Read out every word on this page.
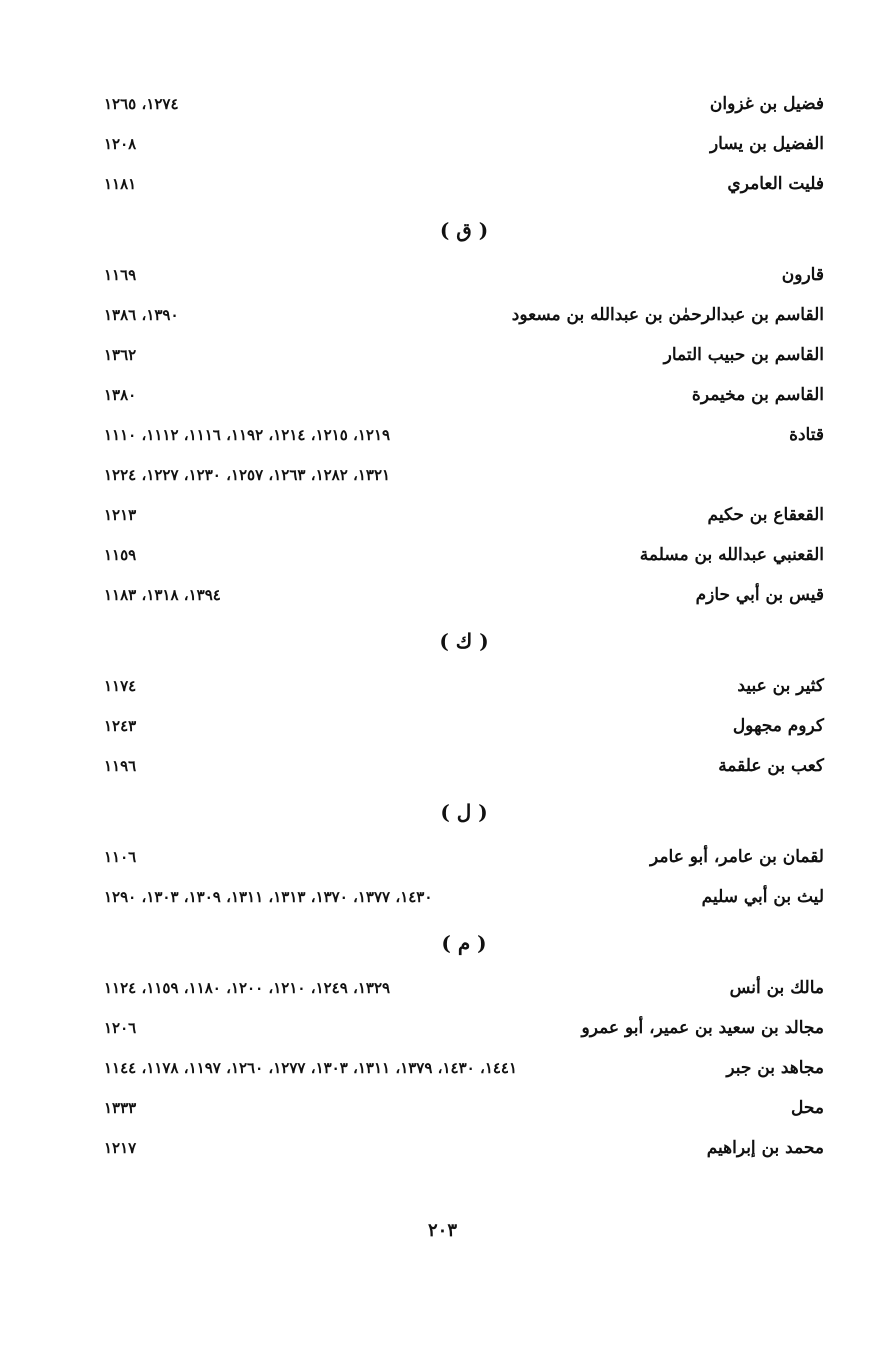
فضيل بن غزوان
١٢٧٤، ١٢٦٥
الفضيل بن يسار
١٢٠٨
فليت العامري
١١٨١
( ق )
قارون
١١٦٩
القاسم بن عبدالرحمٰن بن عبدالله بن مسعود
١٣٩٠، ١٣٨٦
القاسم بن حبيب التمار
١٣٦٢
القاسم بن مخيمرة
١٣٨٠
قتادة
١٢١٩، ١٢١٥، ١٢١٤، ١١٩٢، ١١١٦، ١١١٢، ١١١٠
١٣٢١، ١٢٨٢، ١٢٦٣، ١٢٥٧، ١٢٣٠، ١٢٢٧، ١٢٢٤
القعقاع بن حكيم
١٢١٣
القعنبي عبدالله بن مسلمة
١١٥٩
قيس بن أبي حازم
١٣٩٤، ١٣١٨، ١١٨٣
( ك )
كثير بن عبيد
١١٧٤
كروم مجهول
١٢٤٣
كعب بن علقمة
١١٩٦
( ل )
لقمان بن عامر، أبو عامر
١١٠٦
ليث بن أبي سليم
١٤٣٠، ١٣٧٧، ١٣٧٠، ١٣١٣، ١٣١١، ١٣٠٩، ١٣٠٣، ١٢٩٠
( م )
مالك بن أنس
١٣٢٩، ١٢٤٩، ١٢١٠، ١٢٠٠، ١١٨٠، ١١٥٩، ١١٢٤
مجالد بن سعيد بن عمير، أبو عمرو
١٢٠٦
مجاهد بن جبر
١٤٤١، ١٤٣٠، ١٣٧٩، ١٣١١، ١٣٠٣، ١٢٧٧، ١٢٦٠، ١١٩٧، ١١٧٨، ١١٤٤
محل
١٣٣٣
محمد بن إبراهيم
١٢١٧
٢٠٣
